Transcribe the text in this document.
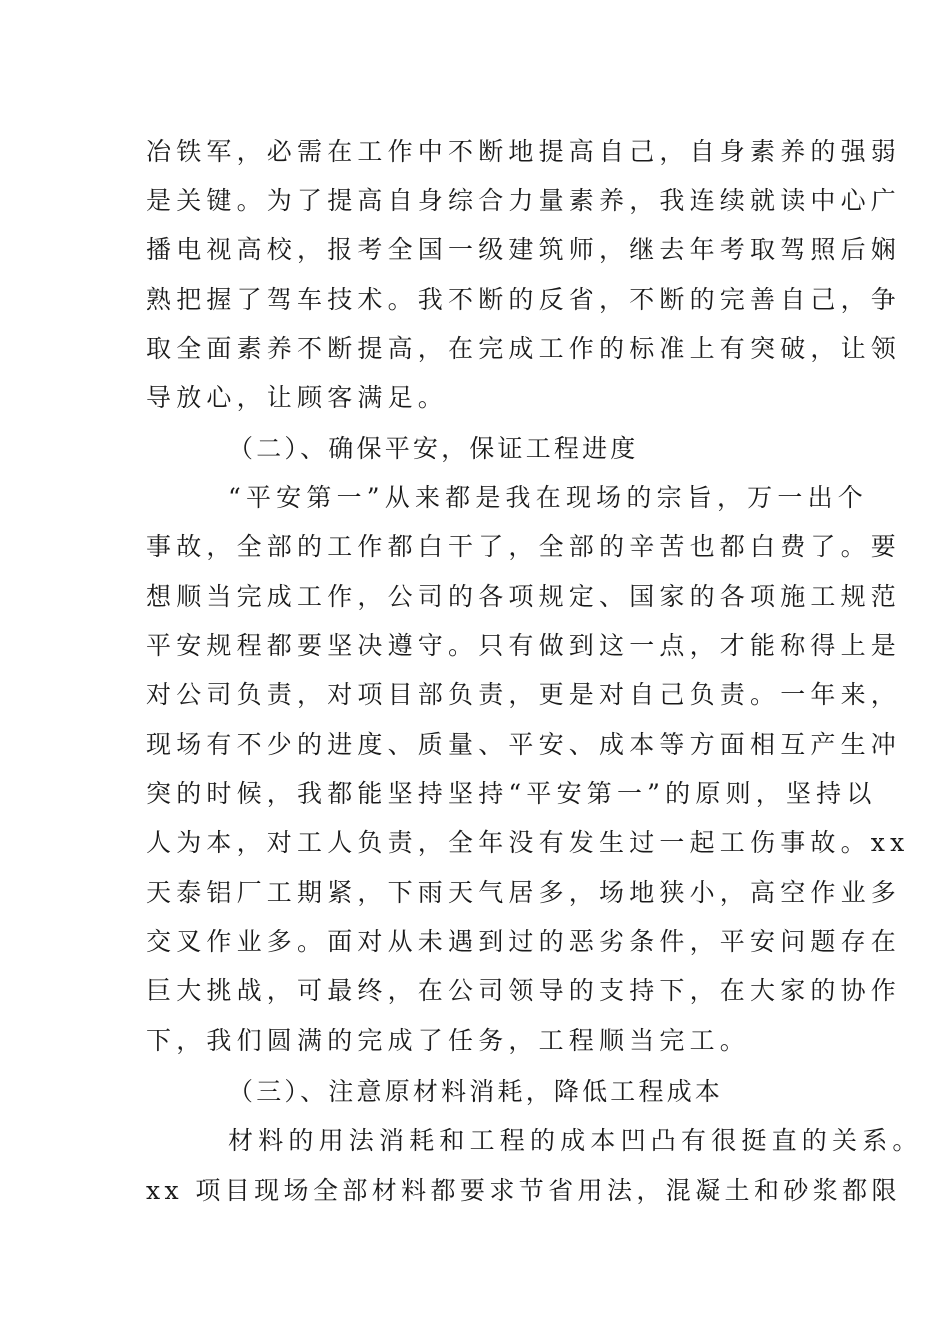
冶铁军，必需在工作中不断地提高自己，自身素养的强弱
是关键。为了提高自身综合力量素养，我连续就读中心广
播电视高校，报考全国一级建筑师，继去年考取驾照后娴
熟把握了驾车技术。我不断的反省，不断的完善自己，争
取全面素养不断提高，在完成工作的标准上有突破，让领
导放心，让顾客满足。
（二）、确保平安，保证工程进度
“平安第一”从来都是我在现场的宗旨，万一出个
事故，全部的工作都白干了，全部的辛苦也都白费了。要
想顺当完成工作，公司的各项规定、国家的各项施工规范
平安规程都要坚决遵守。只有做到这一点，才能称得上是
对公司负责，对项目部负责，更是对自己负责。一年来，
现场有不少的进度、质量、平安、成本等方面相互产生冲
突的时候，我都能坚持坚持“平安第一”的原则，坚持以
人为本，对工人负责，全年没有发生过一起工伤事故。xx
天泰铝厂工期紧，下雨天气居多，场地狭小，高空作业多
交叉作业多。面对从未遇到过的恶劣条件，平安问题存在
巨大挑战，可最终，在公司领导的支持下，在大家的协作
下，我们圆满的完成了任务，工程顺当完工。
（三）、注意原材料消耗，降低工程成本
材料的用法消耗和工程的成本凹凸有很挺直的关系。
xx 项目现场全部材料都要求节省用法，混凝土和砂浆都限
